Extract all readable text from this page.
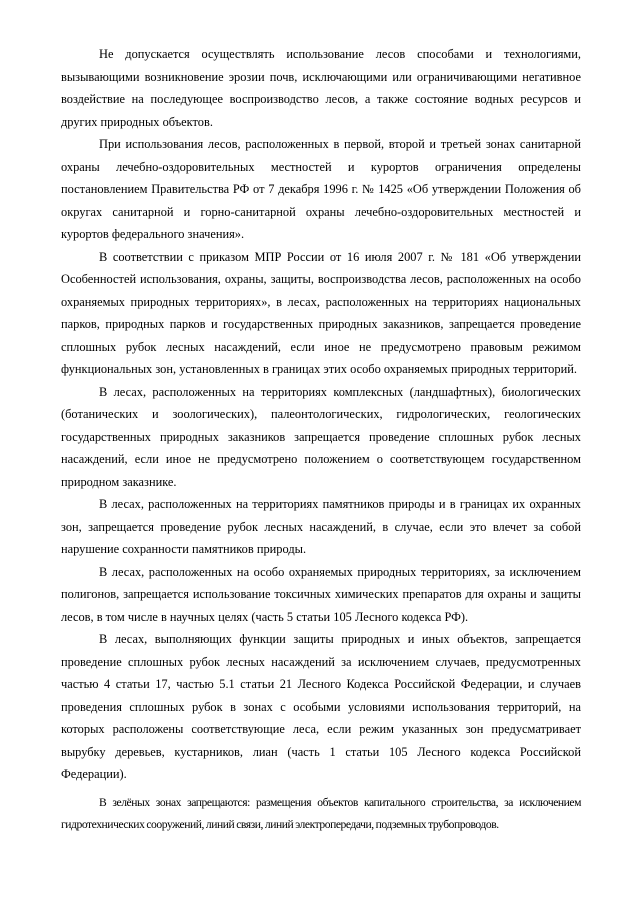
Не допускается осуществлять использование лесов способами и технологиями, вызывающими возникновение эрозии почв, исключающими или ограничивающими негативное воздействие на последующее воспроизводство лесов, а также состояние водных ресурсов и других природных объектов.

При использования лесов, расположенных в первой, второй и третьей зонах санитарной охраны лечебно-оздоровительных местностей и курортов ограничения определены постановлением Правительства РФ от 7 декабря 1996 г. № 1425 «Об утверждении Положения об округах санитарной и горно-санитарной охраны лечебно-оздоровительных местностей и курортов федерального значения».

В соответствии с приказом МПР России от 16 июля 2007 г. № 181 «Об утверждении Особенностей использования, охраны, защиты, воспроизводства лесов, расположенных на особо охраняемых природных территориях», в лесах, расположенных на территориях национальных парков, природных парков и государственных природных заказников, запрещается проведение сплошных рубок лесных насаждений, если иное не предусмотрено правовым режимом функциональных зон, установленных в границах этих особо охраняемых природных территорий.

В лесах, расположенных на территориях комплексных (ландшафтных), биологических (ботанических и зоологических), палеонтологических, гидрологических, геологических государственных природных заказников запрещается проведение сплошных рубок лесных насаждений, если иное не предусмотрено положением о соответствующем государственном природном заказнике.

В лесах, расположенных на территориях памятников природы и в границах их охранных зон, запрещается проведение рубок лесных насаждений, в случае, если это влечет за собой нарушение сохранности памятников природы.

В лесах, расположенных на особо охраняемых природных территориях, за исключением полигонов, запрещается использование токсичных химических препаратов для охраны и защиты лесов, в том числе в научных целях (часть 5 статьи 105 Лесного кодекса РФ).

В лесах, выполняющих функции защиты природных и иных объектов, запрещается проведение сплошных рубок лесных насаждений за исключением случаев, предусмотренных частью 4 статьи 17, частью 5.1 статьи 21 Лесного Кодекса Российской Федерации, и случаев проведения сплошных рубок в зонах с особыми условиями использования территорий, на которых расположены соответствующие леса, если режим указанных зон предусматривает вырубку деревьев, кустарников, лиан (часть 1 статьи 105 Лесного кодекса Российской Федерации).

В зелёных зонах запрещаются: размещения объектов капитального строительства, за исключением гидротехнических сооружений, линий связи, линий электропередачи, подземных трубопроводов.
